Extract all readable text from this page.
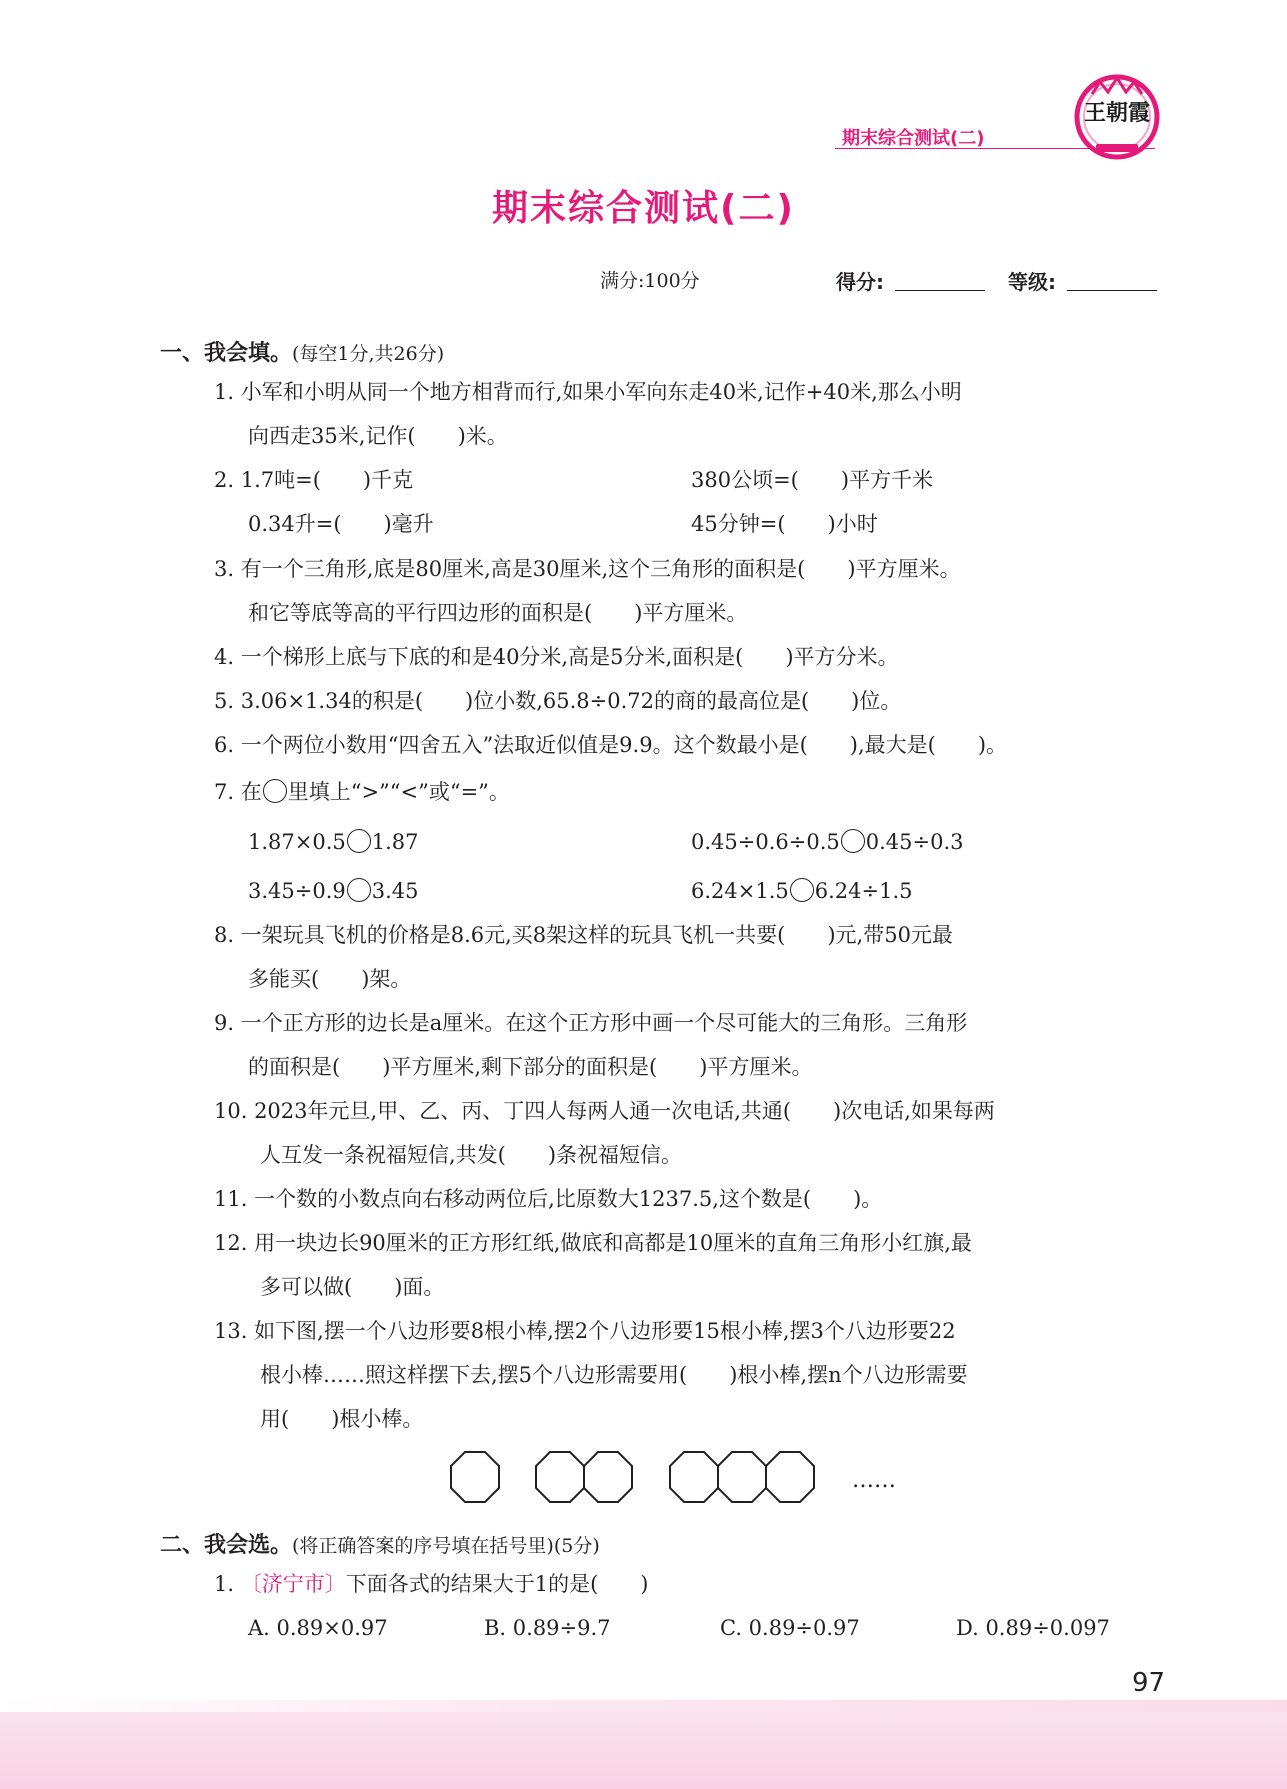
期末综合测试(二)
王朝霞
期末综合测试(二)
满分:100分	得分:	等级:
一、我会填。(每空1分,共26分)
1. 小军和小明从同一个地方相背而行,如果小军向东走40米,记作+40米,那么小明
向西走35米,记作(　　)米。
2. 1.7吨=(　　)千克	380公顷=(　　)平方千米
0.34升=(　　)毫升	45分钟=(　　)小时
3. 有一个三角形,底是80厘米,高是30厘米,这个三角形的面积是(　　)平方厘米。
和它等底等高的平行四边形的面积是(　　)平方厘米。
4. 一个梯形上底与下底的和是40分米,高是5分米,面积是(　　)平方分米。
5. 3.06×1.34的积是(　　)位小数,65.8÷0.72的商的最高位是(　　)位。
6. 一个两位小数用“四舍五入”法取近似值是9.9。这个数最小是(　　),最大是(　　)。
7. 在 里填上“>”“<”或“=”。
1.87×0.5 1.87	0.45÷0.6÷0.5 0.45÷0.3
3.45÷0.9 3.45	6.24×1.5 6.24÷1.5
8. 一架玩具飞机的价格是8.6元,买8架这样的玩具飞机一共要(　　)元,带50元最
多能买(　　)架。
9. 一个正方形的边长是a厘米。在这个正方形中画一个尽可能大的三角形。三角形
的面积是(　　)平方厘米,剩下部分的面积是(　　)平方厘米。
10. 2023年元旦,甲、乙、丙、丁四人每两人通一次电话,共通(　　)次电话,如果每两
人互发一条祝福短信,共发(　　)条祝福短信。
11. 一个数的小数点向右移动两位后,比原数大1237.5,这个数是(　　)。
12. 用一块边长90厘米的正方形红纸,做底和高都是10厘米的直角三角形小红旗,最
多可以做(　　)面。
13. 如下图,摆一个八边形要8根小棒,摆2个八边形要15根小棒,摆3个八边形要22
根小棒……照这样摆下去,摆5个八边形需要用(　　)根小棒,摆n个八边形需要
用(　　)根小棒。
……
二、我会选。(将正确答案的序号填在括号里)(5分)
1. 〔济宁市〕下面各式的结果大于1的是(　　)
A. 0.89×0.97	B. 0.89÷9.7	C. 0.89÷0.97	D. 0.89÷0.097
97
